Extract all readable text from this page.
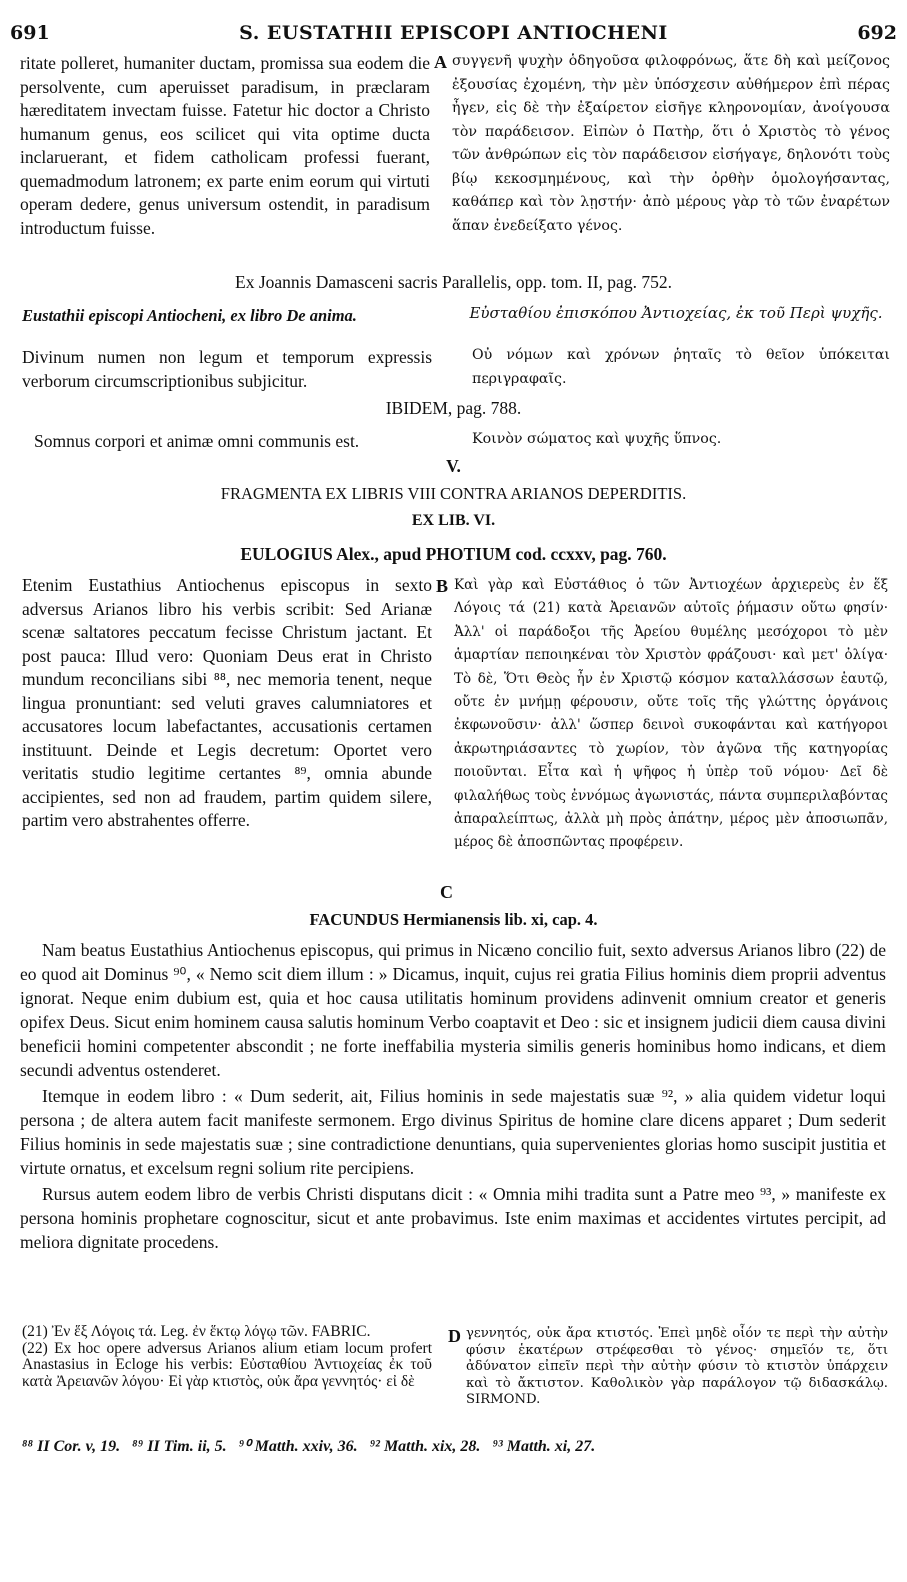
691	S. EUSTATHII EPISCOPI ANTIOCHENI	692

ritate polleret, humaniter ductam, promissa sua eodem die persolvente, cum aperuisset paradisum, in præclaram hæreditatem invectam fuisse. Fatetur hic doctor a Christo humanum genus, eos scilicet qui vita optime ducta inclaruerant, et fidem catholicam professi fuerant, quemadmodum latronem; ex parte enim eorum qui virtuti operam dedere, genus universum ostendit, in paradisum introductum fuisse.

A συγγενῆ ψυχὴν ὁδηγοῦσα φιλοφρόνως, ἅτε δὴ καὶ μείζονος ἐξουσίας ἐχομένη, τὴν μὲν ὑπόσχεσιν αὐθήμερον ἐπὶ πέρας ἦγεν, εἰς δὲ τὴν ἐξαίρετον εἰσῆγε κληρονομίαν, ἀνοίγουσα τὸν παράδεισον. Εἰπὼν ὁ Πατὴρ, ὅτι ὁ Χριστὸς τὸ γένος τῶν ἀνθρώπων εἰς τὸν παράδεισον εἰσήγαγε, δηλονότι τοὺς βίῳ κεκοσμημένους, καὶ τὴν ὀρθὴν ὁμολογήσαντας, καθάπερ καὶ τὸν λῃστήν· ἀπὸ μέρους γὰρ τὸ τῶν ἐναρέτων ἅπαν ἐνεδείξατο γένος.

Ex Joannis Damasceni sacris Parallelis, opp. tom. II, pag. 752.
Eustathii episcopi Antiocheni, ex libro De anima.	Εὐσταθίου ἐπισκόπου Ἀντιοχείας, ἐκ τοῦ Περὶ ψυχῆς.

Divinum numen non legum et temporum expressis verborum circumscriptionibus subjicitur.

Οὐ νόμων καὶ χρόνων ῥηταῖς τὸ θεῖον ὑπόκειται περιγραφαῖς.

IBIDEM, pag. 788.
Somnus corpori et animæ omni communis est.	Κοινὸν σώματος καὶ ψυχῆς ὕπνος.
V.
FRAGMENTA EX LIBRIS VIII CONTRA ARIANOS DEPERDITIS.
EX LIB. VI.
EULOGIUS Alex., apud PHOTIUM cod. ccxxv, pag. 760.

Etenim Eustathius Antiochenus episcopus in sexto adversus Arianos libro his verbis scribit: Sed Arianæ scenæ saltatores peccatum fecisse Christum jactant. Et post pauca: Illud vero: Quoniam Deus erat in Christo mundum reconcilians sibi ⁸⁸, nec memoria tenent, neque lingua pronuntiant: sed veluti graves calumniatores et accusatores locum labefactantes, accusationis certamen instituunt. Deinde et Legis decretum: Oportet vero veritatis studio legitime certantes ⁸⁹, omnia abunde accipientes, sed non ad fraudem, partim quidem silere, partim vero abstrahentes offerre.

B Καὶ γὰρ καὶ Εὐστάθιος ὁ τῶν Ἀντιοχέων ἀρχιερεὺς ἐν ἕξ Λόγοις τά (21) κατὰ Ἀρειανῶν αὐτοῖς ῥήμασιν οὕτω φησίν· Ἀλλ' οἱ παράδοξοι τῆς Ἀρείου θυμέλης μεσόχοροι τὸ μὲν ἁμαρτίαν πεποιηκέναι τὸν Χριστὸν φράζουσι· καὶ μετ' ὀλίγα· Τὸ δὲ, Ὅτι Θεὸς ἦν ἐν Χριστῷ κόσμον καταλλάσσων ἑαυτῷ, οὔτε ἐν μνήμῃ φέρουσιν, οὔτε τοῖς τῆς γλώττης ὀργάνοις ἐκφωνοῦσιν· ἀλλ' ὥσπερ δεινοὶ συκοφάνται καὶ κατήγοροι ἀκρωτηριάσαντες τὸ χωρίον, τὸν ἀγῶνα τῆς κατηγορίας ποιοῦνται. Εἶτα καὶ ἡ ψῆφος ἡ ὑπὲρ τοῦ νόμου· Δεῖ δὲ φιλαλήθως τοὺς ἐννόμως ἀγωνιστάς, πάντα συμπεριλαβόντας ἀπαραλείπτως, ἀλλὰ μὴ πρὸς ἀπάτην, μέρος μὲν ἀποσιωπᾶν, μέρος δὲ ἀποσπῶντας προφέρειν.

C
FACUNDUS Hermianensis lib. xi, cap. 4.

Nam beatus Eustathius Antiochenus episcopus, qui primus in Nicæno concilio fuit, sexto adversus Arianos libro (22) de eo quod ait Dominus ⁹⁰, « Nemo scit diem illum : » Dicamus, inquit, cujus rei gratia Filius hominis diem proprii adventus ignorat. Neque enim dubium est, quia et hoc causa utilitatis hominum providens adinvenit omnium creator et generis opifex Deus. Sicut enim hominem causa salutis hominum Verbo coaptavit et Deo : sic et insignem judicii diem causa divini beneficii homini competenter abscondit ; ne forte ineffabilia mysteria similis generis hominibus homo indicans, et diem secundi adventus ostenderet.

Itemque in eodem libro : « Dum sederit, ait, Filius hominis in sede majestatis suæ ⁹², » alia quidem videtur loqui persona ; de altera autem facit manifeste sermonem. Ergo divinus Spiritus de homine clare dicens apparet ; Dum sederit Filius hominis in sede majestatis suæ ; sine contradictione denuntians, quia supervenientes glorias homo suscipit justitia et virtute ornatus, et excelsum regni solium rite percipiens.

Rursus autem eodem libro de verbis Christi disputans dicit : « Omnia mihi tradita sunt a Patre meo ⁹³, » manifeste ex persona hominis prophetare cognoscitur, sicut et ante probavimus. Iste enim maximas et accidentes virtutes percipit, ad meliora dignitate procedens.

(21) Ἐν ἕξ Λόγοις τά. Leg. ἐν ἕκτῳ λόγῳ τῶν. FABRIC.
(22) Ex hoc opere adversus Arianos alium etiam locum profert Anastasius in Ecloge his verbis: Εὐσταθίου Ἀντιοχείας ἐκ τοῦ κατὰ Ἀρειανῶν λόγου· Εἰ γὰρ κτιστὸς, οὐκ ἄρα γεννητός· εἰ δὲ

D γεννητός, οὐκ ἄρα κτιστός. Ἐπεὶ μηδὲ οἷόν τε περὶ τὴν αὐτὴν φύσιν ἑκατέρων στρέφεσθαι τὸ γένος· σημεῖόν τε, ὅτι ἀδύνατον εἰπεῖν περὶ τὴν αὐτὴν φύσιν τὸ κτιστὸν ὑπάρχειν καὶ τὸ ἄκτιστον. Καθολικὸν γὰρ παράλογον τῷ διδασκάλῳ. SIRMOND.

⁸⁸ II Cor. v, 19.   ⁸⁹ II Tim. ii, 5.   ⁹⁰ Matth. xxiv, 36.   ⁹² Matth. xix, 28.   ⁹³ Matth. xi, 27.
